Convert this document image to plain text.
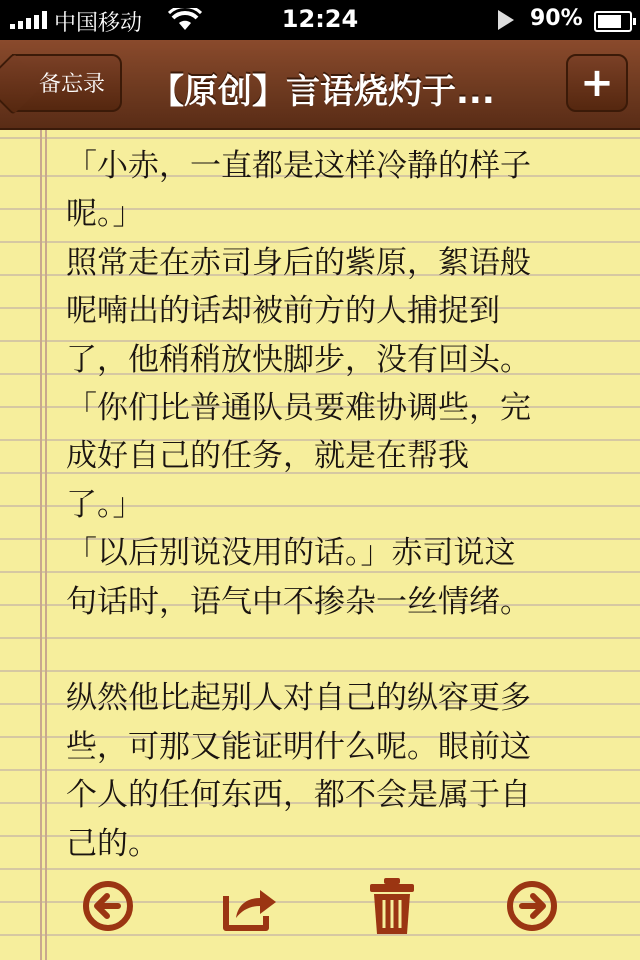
中国移动	12:24	90%
备忘录	【原创】言语烧灼于...	+
「小赤，一直都是这样冷静的样子
呢。」
照常走在赤司身后的紫原，絮语般
呢喃出的话却被前方的人捕捉到
了，他稍稍放快脚步，没有回头。
「你们比普通队员要难协调些，完
成好自己的任务，就是在帮我
了。」
「以后别说没用的话。」赤司说这
句话时，语气中不掺杂一丝情绪。
纵然他比起别人对自己的纵容更多
些，可那又能证明什么呢。眼前这
个人的任何东西，都不会是属于自
己的。
